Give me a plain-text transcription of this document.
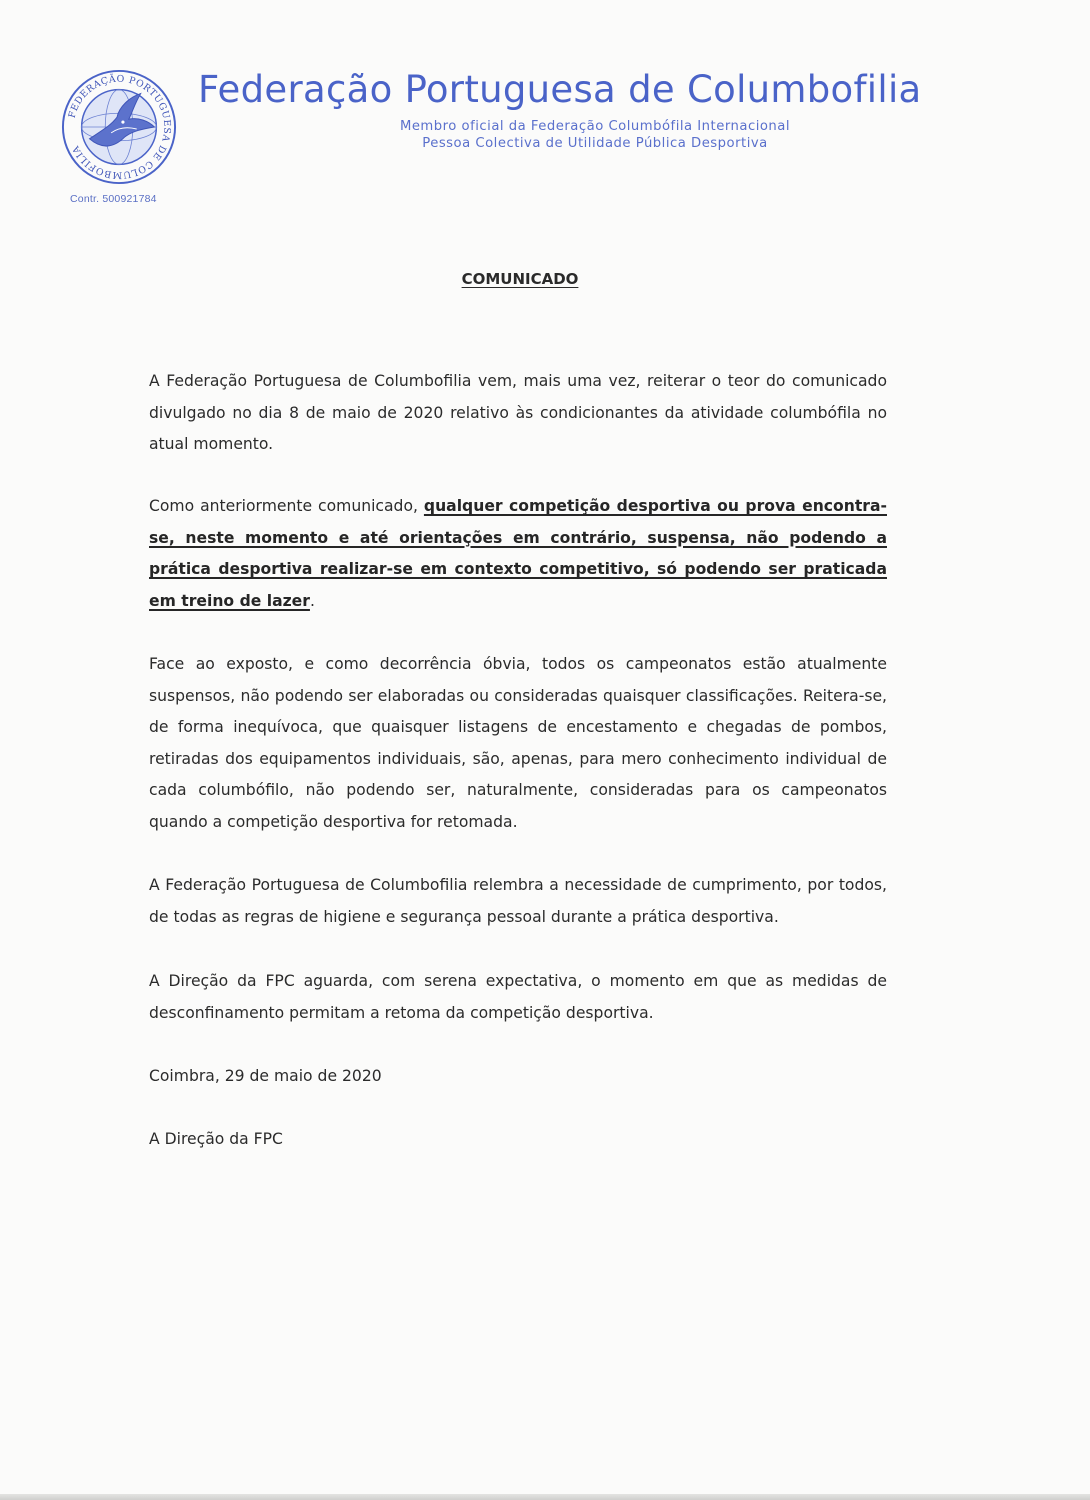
FEDERAÇÃO PORTUGUESA DE COLUMBOFILIA
Contr. 500921784
Federação Portuguesa de Columbofilia
Membro oficial da Federação Columbófila Internacional
Pessoa Colectiva de Utilidade Pública Desportiva
COMUNICADO
A Federação Portuguesa de Columbofilia vem, mais uma vez, reiterar o teor do comunicado divulgado no dia 8 de maio de 2020 relativo às condicionantes da atividade columbófila no atual momento.
Como anteriormente comunicado, qualquer competição desportiva ou prova encontra-se, neste momento e até orientações em contrário, suspensa, não podendo a prática desportiva realizar-se em contexto competitivo, só podendo ser praticada em treino de lazer.
Face ao exposto, e como decorrência óbvia, todos os campeonatos estão atualmente suspensos, não podendo ser elaboradas ou consideradas quaisquer classificações. Reitera-se, de forma inequívoca, que quaisquer listagens de encestamento e chegadas de pombos, retiradas dos equipamentos individuais, são, apenas, para mero conhecimento individual de cada columbófilo, não podendo ser, naturalmente, consideradas para os campeonatos quando a competição desportiva for retomada.
A Federação Portuguesa de Columbofilia relembra a necessidade de cumprimento, por todos, de todas as regras de higiene e segurança pessoal durante a prática desportiva.
A Direção da FPC aguarda, com serena expectativa, o momento em que as medidas de desconfinamento permitam a retoma da competição desportiva.
Coimbra, 29 de maio de 2020
A Direção da FPC
